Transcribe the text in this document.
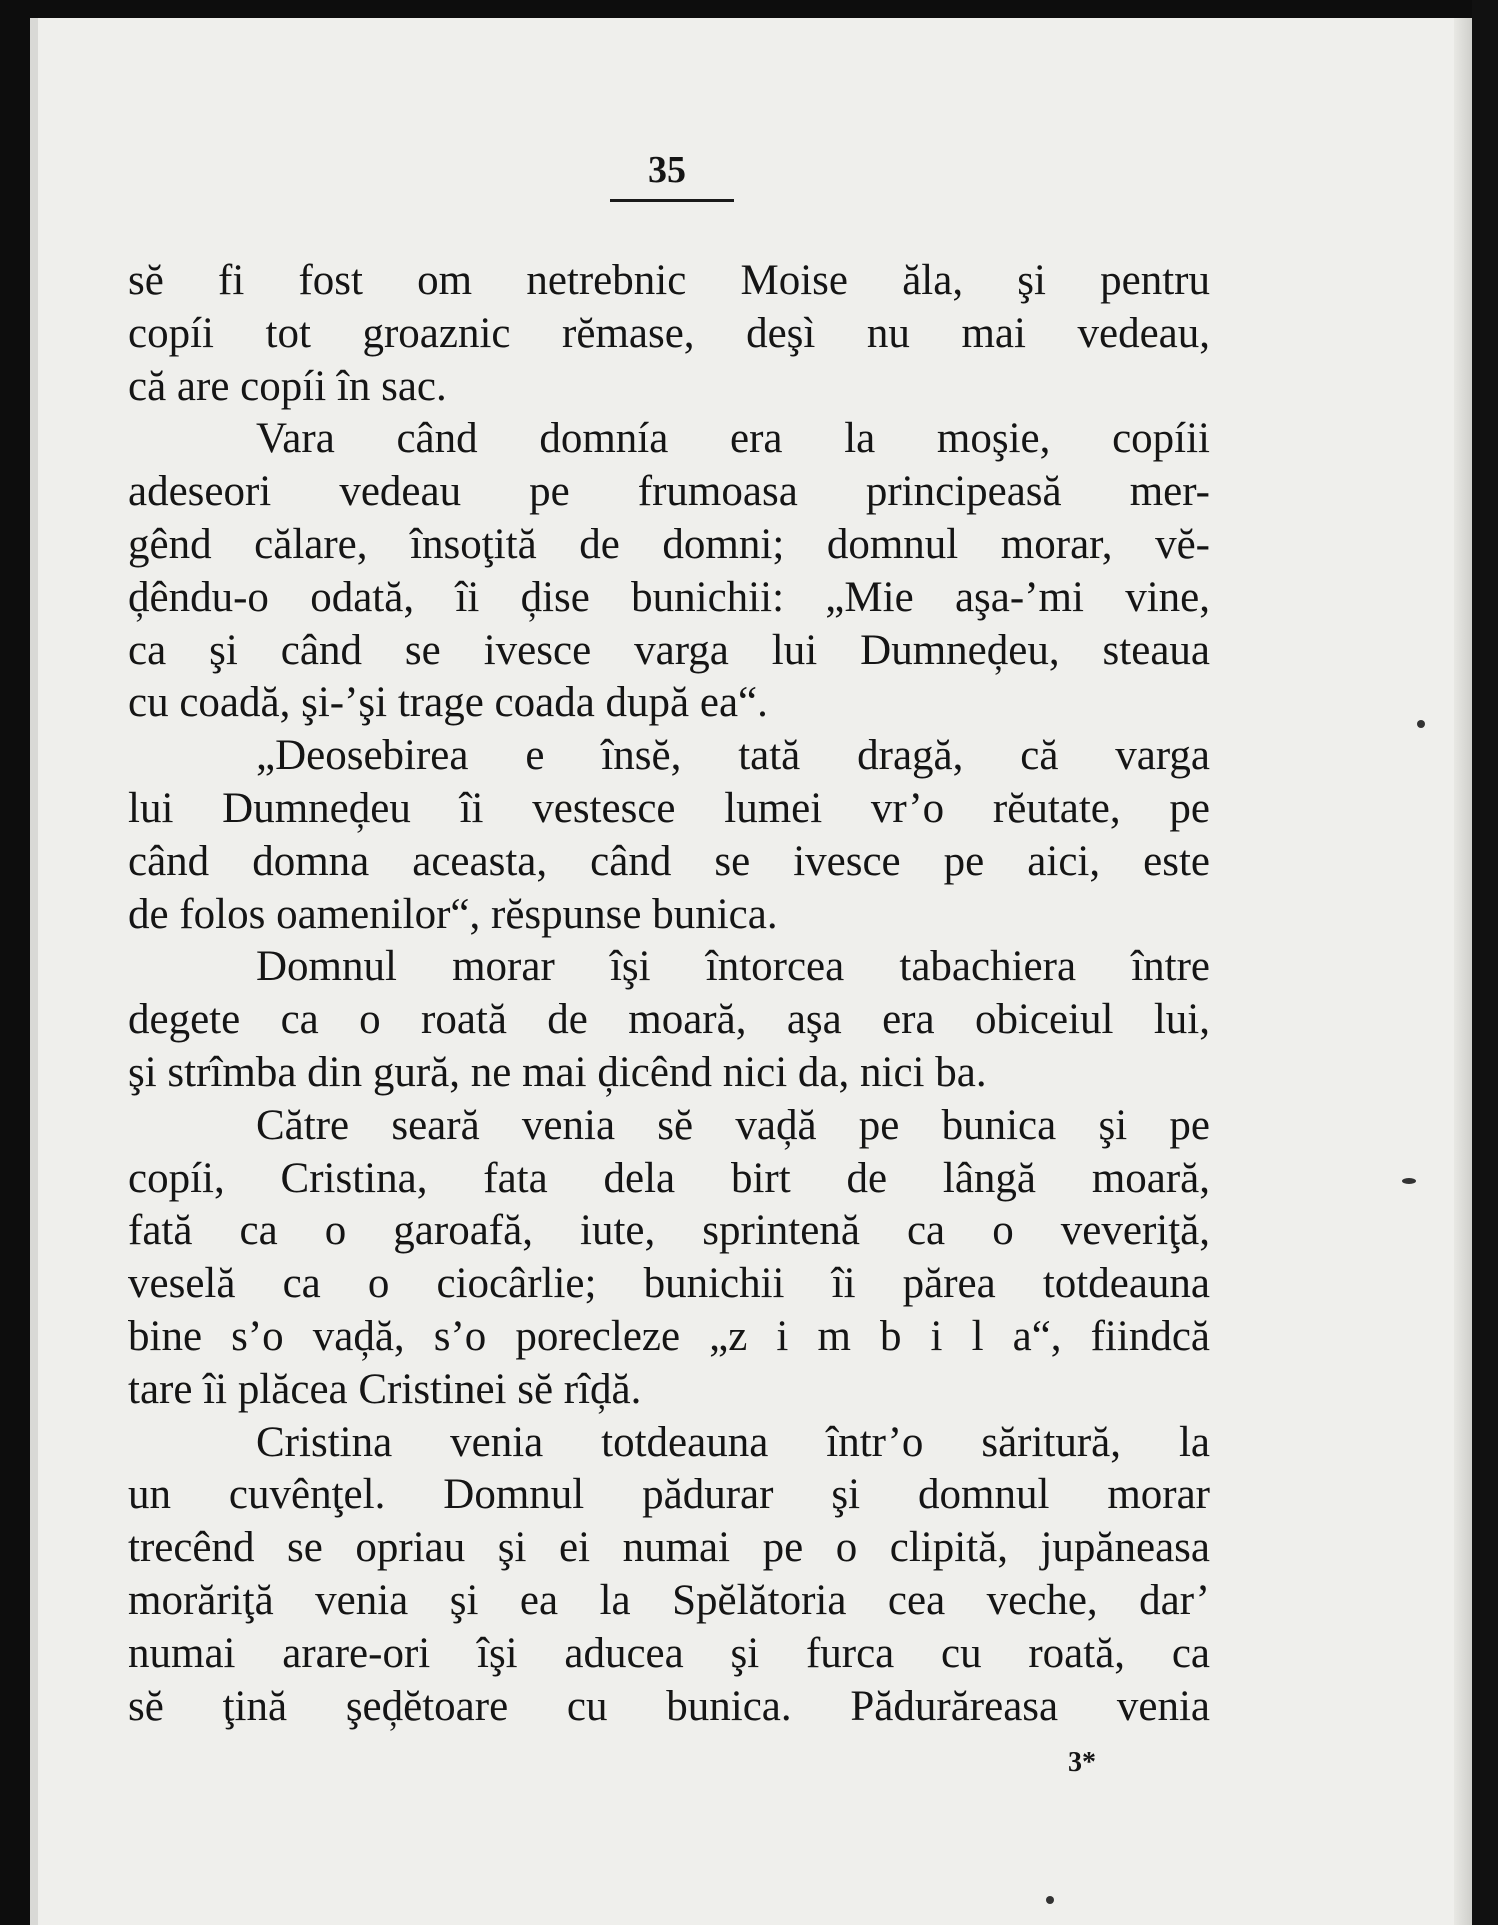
35
sĕ fi fost om netrebnic Moise ăla, şi pentru
copíi tot groaznic rĕmase, deşì nu mai vedeau,
că are copíi în sac.
Vara când domnía era la moşie, copíii
adeseori vedeau pe frumoasa principeasă mer-
gênd călare, însoţită de domni; domnul morar, vĕ-
ḑêndu-o odată, îi ḑise bunichii: „Mie aşa-’mi vine,
ca şi când se ivesce varga lui Dumneḑeu, steaua
cu coadă, şi-’şi trage coada după ea“.
„Deosebirea e însĕ, tată dragă, că varga
lui Dumneḑeu îi vestesce lumei vr’o rĕutate, pe
când domna aceasta, când se ivesce pe aici, este
de folos oamenilor“, rĕspunse bunica.
Domnul morar îşi întorcea tabachiera între
degete ca o roată de moară, aşa era obiceiul lui,
şi strîmba din gură, ne mai ḑicênd nici da, nici ba.
Către seară venia sĕ vaḑă pe bunica şi pe
copíi, Cristina, fata dela birt de lângă moară,
fată ca o garoafă, iute, sprintenă ca o veveriţă,
veselă ca o ciocârlie; bunichii îi părea totdeauna
bine s’o vaḑă, s’o porecleze „z i m b i l a“, fiindcă
tare îi plăcea Cristinei sĕ rîḑă.
Cristina venia totdeauna într’o săritură, la
un cuvênţel. Domnul pădurar şi domnul morar
trecênd se opriau şi ei numai pe o clipită, jupăneasa
morăriţă venia şi ea la Spĕlătoria cea veche, dar’
numai arare-ori îşi aducea şi furca cu roată, ca
sĕ ţină şeḑĕtoare cu bunica. Pădurăreasa venia
3*
